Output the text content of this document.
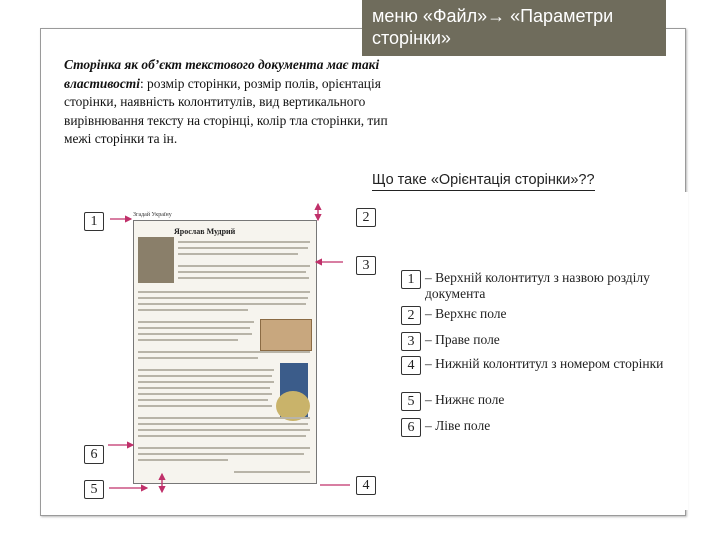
меню «Файл»→ «Параметри сторінки»
Сторінка як об’єкт текстового документа має такі властивості: розмір сторінки, розмір полів, орієнтація сторінки, наявність колонтитулів, вид вертикального вирівнювання тексту на сторінці, колір тла сторінки, тип межі сторінки та ін.
Що таке «Орієнтація сторінки»??
Згадай Україну
Ярослав Мудрий
1	2
3
6
5	4
1 – Верхній колонтитул з назвою розділу документа
2 – Верхнє поле
3 – Праве поле
4 – Нижній колонтитул з номером сторінки
5 – Нижнє поле
6 – Ліве поле
